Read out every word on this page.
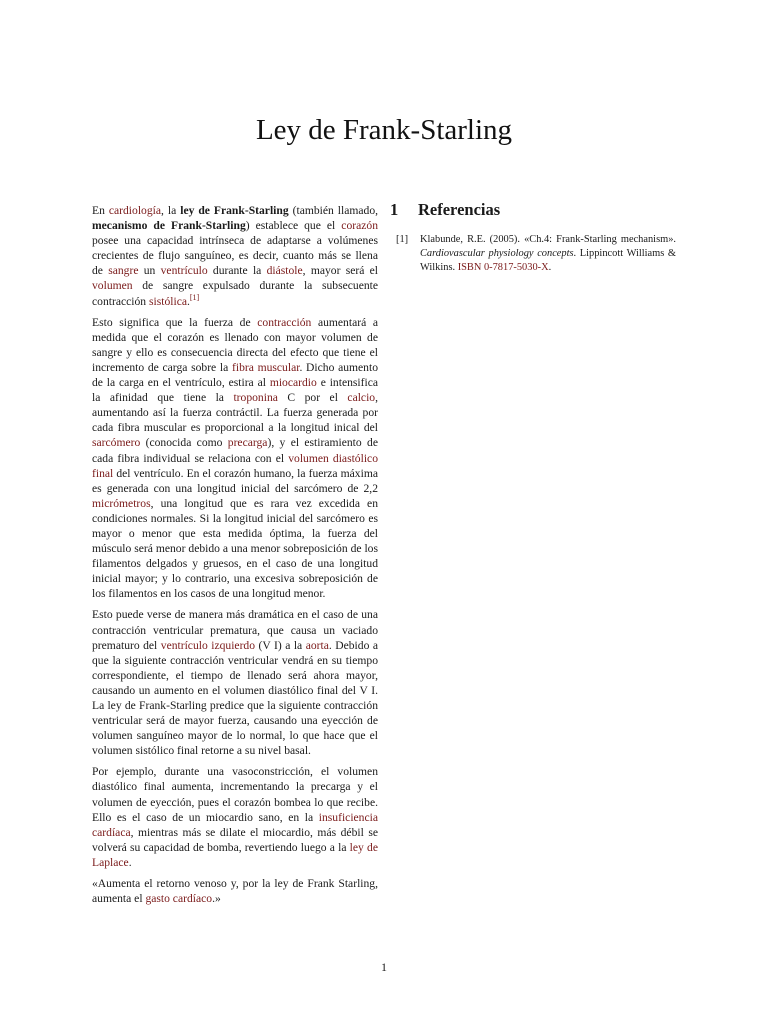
Ley de Frank-Starling

En cardiología, la ley de Frank-Starling (también llamado, mecanismo de Frank-Starling) establece que el corazón posee una capacidad intrínseca de adaptarse a volúmenes crecientes de flujo sanguíneo, es decir, cuanto más se llena de sangre un ventrículo durante la diástole, mayor será el volumen de sangre expulsado durante la subsecuente contracción sistólica.[1]

Esto significa que la fuerza de contracción aumentará a medida que el corazón es llenado con mayor volumen de sangre y ello es consecuencia directa del efecto que tiene el incremento de carga sobre la fibra muscular. Dicho aumento de la carga en el ventrículo, estira al miocardio e intensifica la afinidad que tiene la troponina C por el calcio, aumentando así la fuerza contráctil. La fuerza generada por cada fibra muscular es proporcional a la longitud inical del sarcómero (conocida como precarga), y el estiramiento de cada fibra individual se relaciona con el volumen diastólico final del ventrículo. En el corazón humano, la fuerza máxima es generada con una longitud inicial del sarcómero de 2,2 micrómetros, una longitud que es rara vez excedida en condiciones normales. Si la longitud inicial del sarcómero es mayor o menor que esta medida óptima, la fuerza del músculo será menor debido a una menor sobreposición de los filamentos delgados y gruesos, en el caso de una longitud inicial mayor; y lo contrario, una excesiva sobreposición de los filamentos en los casos de una longitud menor.

Esto puede verse de manera más dramática en el caso de una contracción ventricular prematura, que causa un vaciado prematuro del ventrículo izquierdo (V I) a la aorta. Debido a que la siguiente contracción ventricular vendrá en su tiempo correspondiente, el tiempo de llenado será ahora mayor, causando un aumento en el volumen diastólico final del V I. La ley de Frank-Starling predice que la siguiente contracción ventricular será de mayor fuerza, causando una eyección de volumen sanguíneo mayor de lo normal, lo que hace que el volumen sistólico final retorne a su nivel basal.

Por ejemplo, durante una vasoconstricción, el volumen diastólico final aumenta, incrementando la precarga y el volumen de eyección, pues el corazón bombea lo que recibe. Ello es el caso de un miocardio sano, en la insuficiencia cardíaca, mientras más se dilate el miocardio, más débil se volverá su capacidad de bomba, revertiendo luego a la ley de Laplace.

«Aumenta el retorno venoso y, por la ley de Frank Starling, aumenta el gasto cardíaco.»

1 Referencias
[1] Klabunde, R.E. (2005). «Ch.4: Frank-Starling mechanism». Cardiovascular physiology concepts. Lippincott Williams & Wilkins. ISBN 0-7817-5030-X.
1
